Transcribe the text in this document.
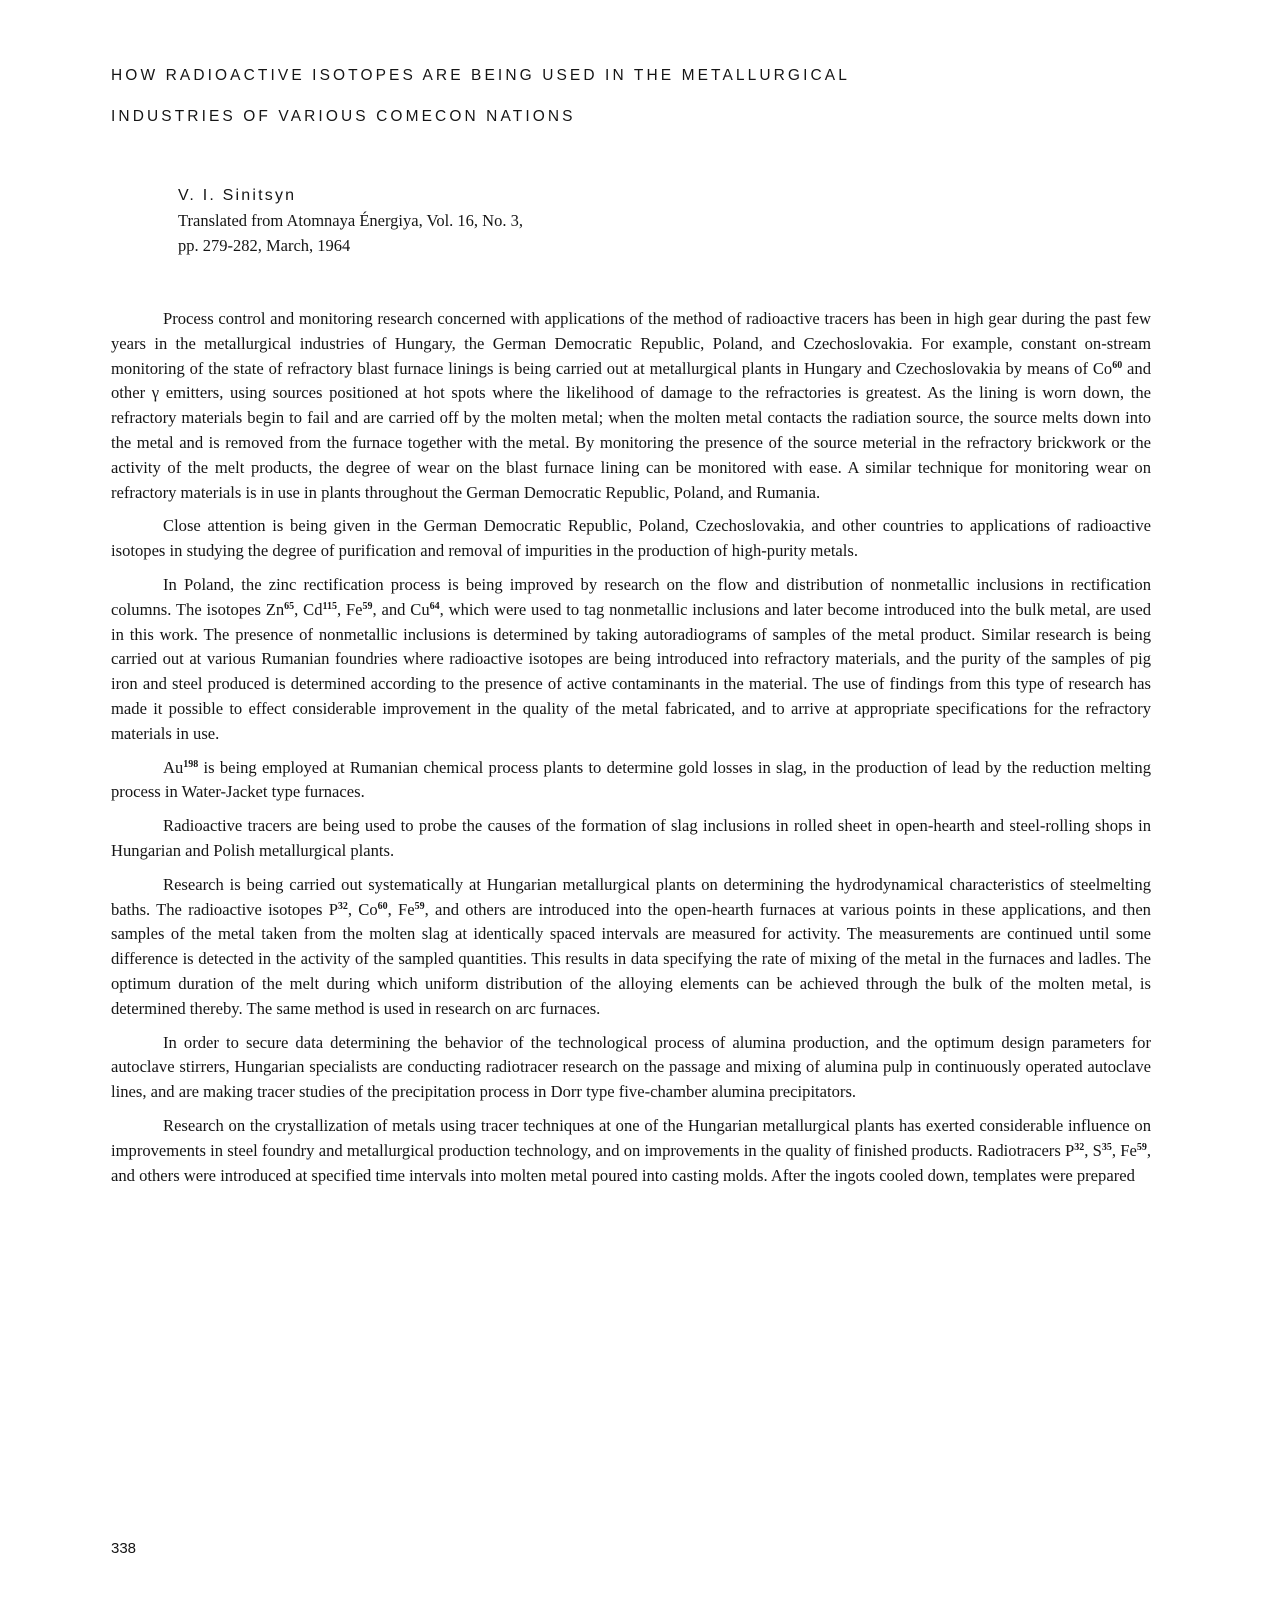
HOW RADIOACTIVE ISOTOPES ARE BEING USED IN THE METALLURGICAL
INDUSTRIES OF VARIOUS COMECON NATIONS
V. I. Sinitsyn
Translated from Atomnaya Énergiya, Vol. 16, No. 3,
pp. 279-282, March, 1964

Process control and monitoring research concerned with applications of the method of radioactive tracers has been in high gear during the past few years in the metallurgical industries of Hungary, the German Democratic Republic, Poland, and Czechoslovakia. For example, constant on-stream monitoring of the state of refractory blast furnace linings is being carried out at metallurgical plants in Hungary and Czechoslovakia by means of Co$^{60}$ and other γ emitters, using sources positioned at hot spots where the likelihood of damage to the refractories is greatest. As the lining is worn down, the refractory materials begin to fail and are carried off by the molten metal; when the molten metal contacts the radiation source, the source melts down into the metal and is removed from the furnace together with the metal. By monitoring the presence of the source meterial in the refractory brickwork or the activity of the melt products, the degree of wear on the blast furnace lining can be monitored with ease. A similar technique for monitoring wear on refractory materials is in use in plants throughout the German Democratic Republic, Poland, and Rumania.

Close attention is being given in the German Democratic Republic, Poland, Czechoslovakia, and other countries to applications of radioactive isotopes in studying the degree of purification and removal of impurities in the production of high-purity metals.

In Poland, the zinc rectification process is being improved by research on the flow and distribution of nonmetallic inclusions in rectification columns. The isotopes Zn$^{65}$, Cd$^{115}$, Fe$^{59}$, and Cu$^{64}$, which were used to tag nonmetallic inclusions and later become introduced into the bulk metal, are used in this work. The presence of nonmetallic inclusions is determined by taking autoradiograms of samples of the metal product. Similar research is being carried out at various Rumanian foundries where radioactive isotopes are being introduced into refractory materials, and the purity of the samples of pig iron and steel produced is determined according to the presence of active contaminants in the material. The use of findings from this type of research has made it possible to effect considerable improvement in the quality of the metal fabricated, and to arrive at appropriate specifications for the refractory materials in use.

Au$^{198}$ is being employed at Rumanian chemical process plants to determine gold losses in slag, in the production of lead by the reduction melting process in Water-Jacket type furnaces.

Radioactive tracers are being used to probe the causes of the formation of slag inclusions in rolled sheet in open-hearth and steel-rolling shops in Hungarian and Polish metallurgical plants.

Research is being carried out systematically at Hungarian metallurgical plants on determining the hydrodynamical characteristics of steelmelting baths. The radioactive isotopes $P^{32}$, Co$^{60}$, Fe$^{59}$, and others are introduced into the open-hearth furnaces at various points in these applications, and then samples of the metal taken from the molten slag at identically spaced intervals are measured for activity. The measurements are continued until some difference is detected in the activity of the sampled quantities. This results in data specifying the rate of mixing of the metal in the furnaces and ladles. The optimum duration of the melt during which uniform distribution of the alloying elements can be achieved through the bulk of the molten metal, is determined thereby. The same method is used in research on arc furnaces.

In order to secure data determining the behavior of the technological process of alumina production, and the optimum design parameters for autoclave stirrers, Hungarian specialists are conducting radiotracer research on the passage and mixing of alumina pulp in continuously operated autoclave lines, and are making tracer studies of the precipitation process in Dorr type five-chamber alumina precipitators.

Research on the crystallization of metals using tracer techniques at one of the Hungarian metallurgical plants has exerted considerable influence on improvements in steel foundry and metallurgical production technology, and on improvements in the quality of finished products. Radiotracers $P^{32}$, $S^{35}$, Fe$^{59}$, and others were introduced at specified time intervals into molten metal poured into casting molds. After the ingots cooled down, templates were prepared

338
